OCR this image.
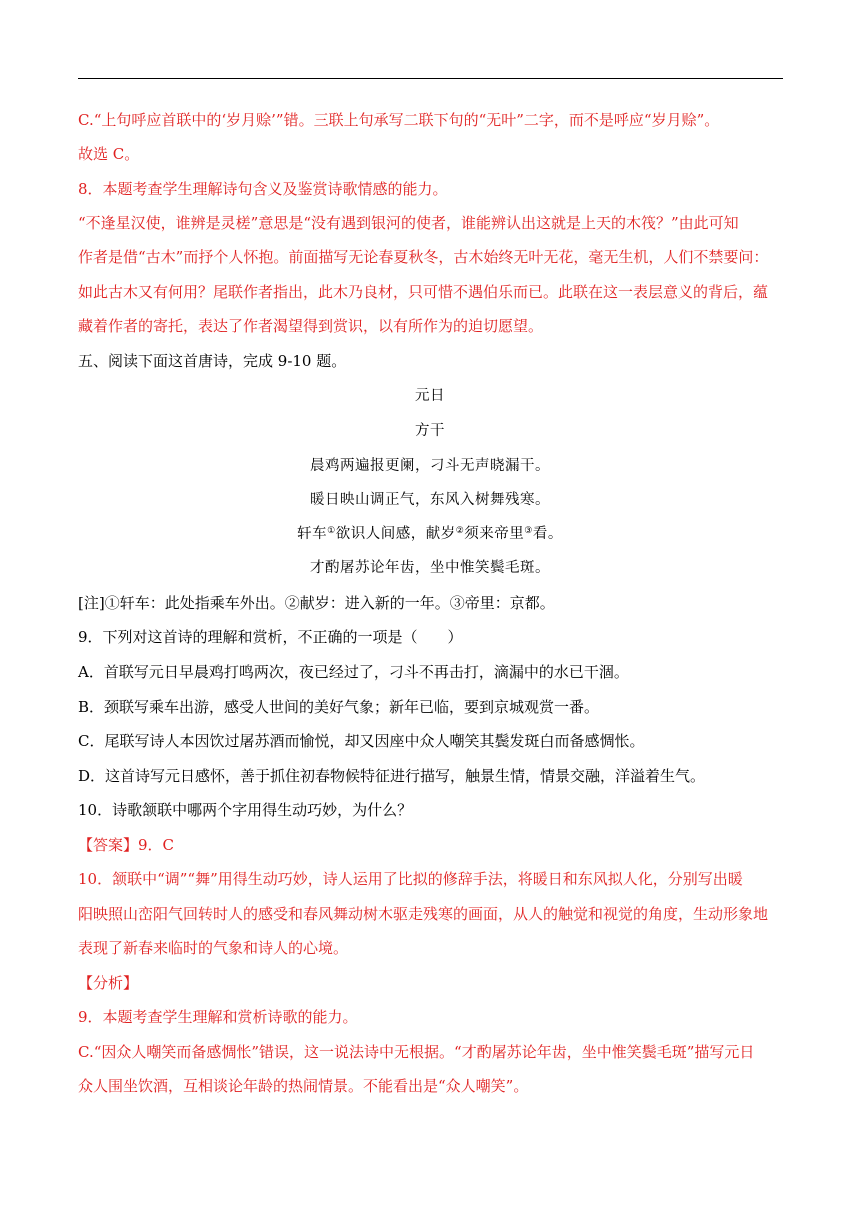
C.“上句呼应首联中的‘岁月赊’”错。三联上句承写二联下句的“无叶”二字，而不是呼应“岁月赊”。
故选 C。
8．本题考查学生理解诗句含义及鉴赏诗歌情感的能力。
“不逢星汉使，谁辨是灵槎”意思是“没有遇到银河的使者，谁能辨认出这就是上天的木筏？”由此可知
作者是借“古木”而抒个人怀抱。前面描写无论春夏秋冬，古木始终无叶无花，毫无生机，人们不禁要问：
如此古木又有何用？尾联作者指出，此木乃良材，只可惜不遇伯乐而已。此联在这一表层意义的背后，蕴
藏着作者的寄托，表达了作者渴望得到赏识，以有所作为的迫切愿望。
五、阅读下面这首唐诗，完成 9-10 题。
元日
方干
晨鸡两遍报更阑，刁斗无声晓漏干。
暖日映山调正气，东风入树舞残寒。
轩车①欲识人间感，献岁②须来帝里③看。
才酌屠苏论年齿，坐中惟笑鬓毛斑。
[注]①轩车：此处指乘车外出。②献岁：进入新的一年。③帝里：京都。
9．下列对这首诗的理解和赏析，不正确的一项是（　　）
A．首联写元日早晨鸡打鸣两次，夜已经过了，刁斗不再击打，滴漏中的水已干涸。
B．颈联写乘车出游，感受人世间的美好气象；新年已临，要到京城观赏一番。
C．尾联写诗人本因饮过屠苏酒而愉悦，却又因座中众人嘲笑其鬓发斑白而备感惆怅。
D．这首诗写元日感怀，善于抓住初春物候特征进行描写，触景生情，情景交融，洋溢着生气。
10．诗歌颔联中哪两个字用得生动巧妙，为什么？
【答案】9．C
10．颔联中“调”“舞”用得生动巧妙，诗人运用了比拟的修辞手法，将暖日和东风拟人化，分别写出暖
阳映照山峦阳气回转时人的感受和春风舞动树木驱走残寒的画面，从人的触觉和视觉的角度，生动形象地
表现了新春来临时的气象和诗人的心境。
【分析】
9．本题考查学生理解和赏析诗歌的能力。
C.“因众人嘲笑而备感惆怅”错误，这一说法诗中无根据。“才酌屠苏论年齿，坐中惟笑鬓毛斑”描写元日
众人围坐饮酒，互相谈论年龄的热闹情景。不能看出是“众人嘲笑”。
